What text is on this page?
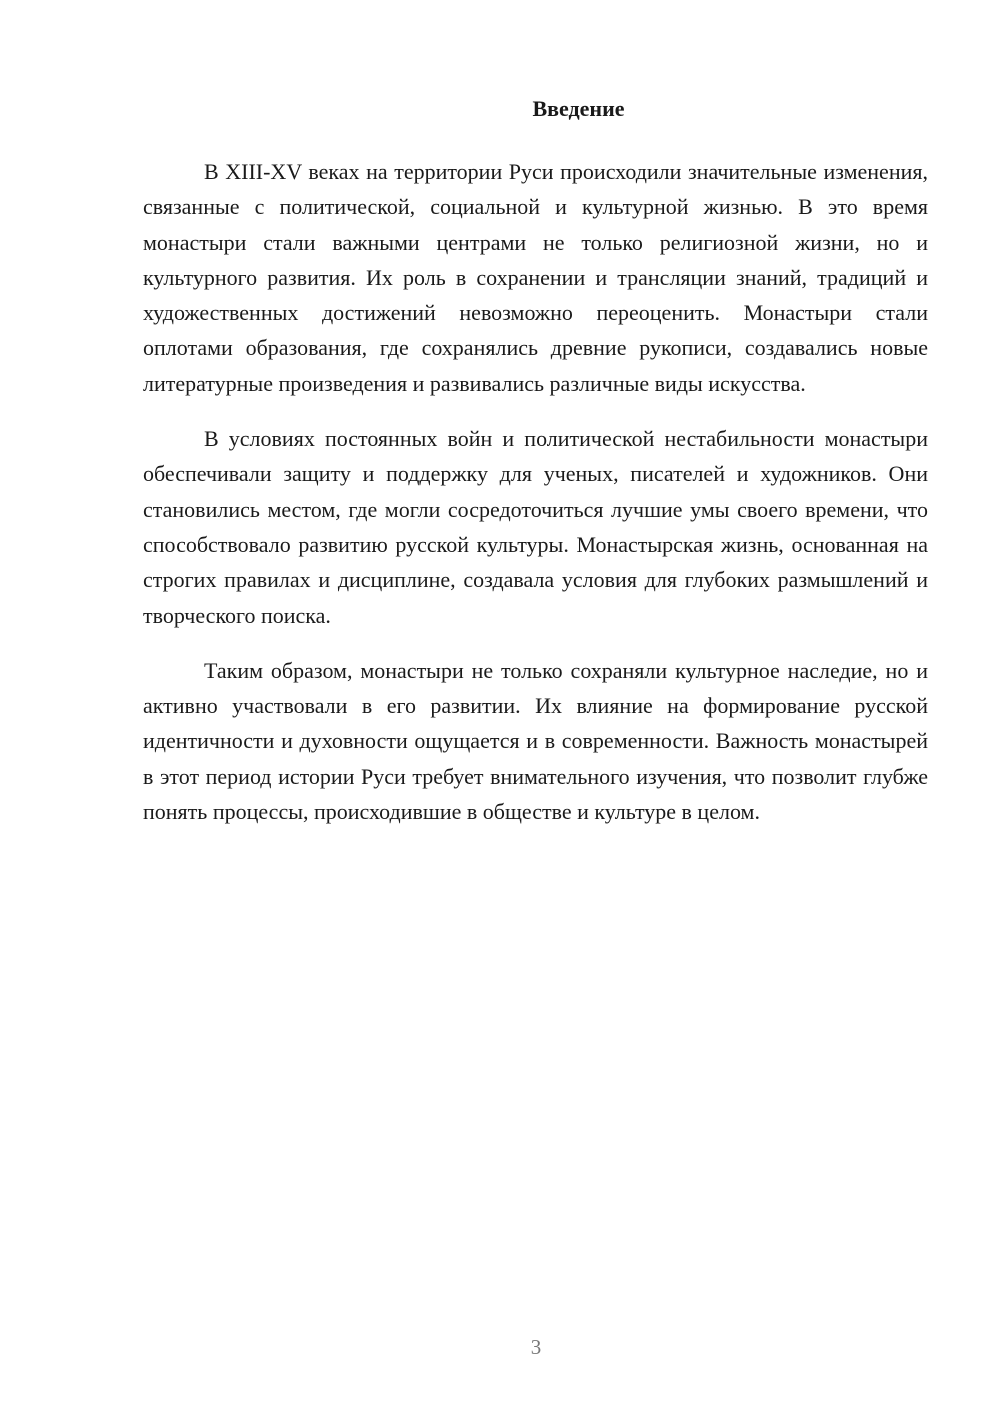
Введение

В XIII-XV веках на территории Руси происходили значительные изменения, связанные с политической, социальной и культурной жизнью. В это время монастыри стали важными центрами не только религиозной жизни, но и культурного развития. Их роль в сохранении и трансляции знаний, традиций и художественных достижений невозможно переоценить. Монастыри стали оплотами образования, где сохранялись древние рукописи, создавались новые литературные произведения и развивались различные виды искусства.

В условиях постоянных войн и политической нестабильности монастыри обеспечивали защиту и поддержку для ученых, писателей и художников. Они становились местом, где могли сосредоточиться лучшие умы своего времени, что способствовало развитию русской культуры. Монастырская жизнь, основанная на строгих правилах и дисциплине, создавала условия для глубоких размышлений и творческого поиска.

Таким образом, монастыри не только сохраняли культурное наследие, но и активно участвовали в его развитии. Их влияние на формирование русской идентичности и духовности ощущается и в современности. Важность монастырей в этот период истории Руси требует внимательного изучения, что позволит глубже понять процессы, происходившие в обществе и культуре в целом.

3
